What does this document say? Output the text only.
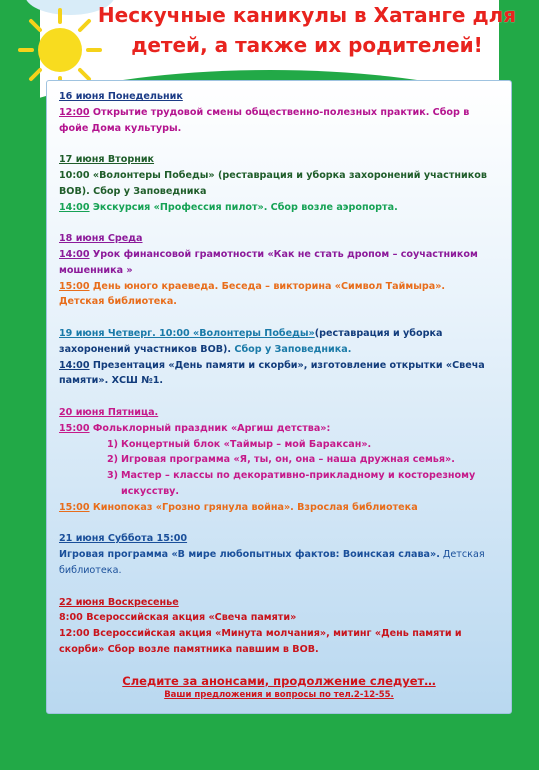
Нескучные каникулы в Хатанге для
детей, а также их родителей!
16 июня Понедельник
12:00 Открытие трудовой смены общественно-полезных практик. Сбор в
фойе Дома культуры.
17 июня Вторник
10:00 «Волонтеры Победы» (реставрация и уборка захоронений участников
ВОВ). Сбор у Заповедника
14:00 Экскурсия «Профессия пилот». Сбор возле аэропорта.
18 июня Среда
14:00 Урок финансовой грамотности «Как не стать дропом – соучастником
мошенника »
15:00 День юного краеведа. Беседа – викторина «Символ Таймыра».
Детская библиотека.
19 июня Четверг. 10:00 «Волонтеры Победы»(реставрация и уборка
захоронений участников ВОВ). Сбор у Заповедника.
14:00 Презентация «День памяти и скорби», изготовление открытки «Свеча
памяти». ХСШ №1.
20 июня Пятница.
15:00 Фольклорный праздник «Аргиш детства»:
1) Концертный блок «Таймыр – мой Бараксан».
2) Игровая программа «Я, ты, он, она – наша дружная семья».
3) Мастер – классы по декоративно-прикладному и косторезному
искусству.
15:00 Кинопоказ «Грозно грянула война». Взрослая библиотека
21 июня Суббота 15:00
Игровая программа «В мире любопытных фактов: Воинская слава». Детская
библиотека.
22 июня Воскресенье
8:00 Всероссийская акция «Свеча памяти»
12:00 Всероссийская акция «Минута молчания», митинг «День памяти и
скорби» Сбор возле памятника павшим в ВОВ.
Следите за анонсами, продолжение следует…
Ваши предложения и вопросы по тел.2-12-55.
